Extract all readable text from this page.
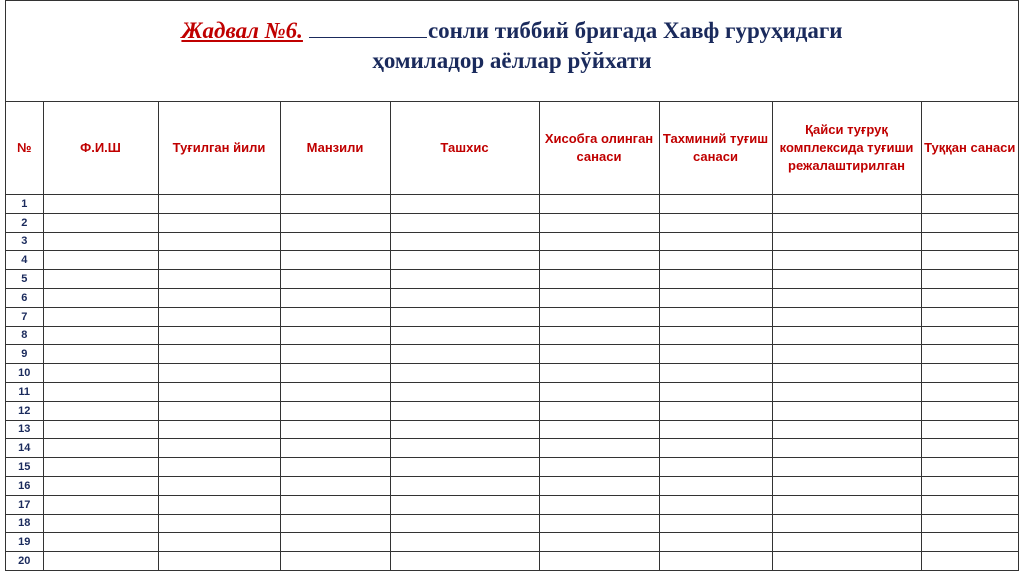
Жадвал №6.	сонли тиббий бригада Хавф гуруҳидаги
ҳомиладор аёллар рўйхати
№	Ф.И.Ш	Туғилган йили	Манзили	Ташхис	Хисобга олинган санаси	Тахминий туғиш санаси	Қайси туғруқ комплексида туғиши режалаштирилган	Туққан санаси
1								
2								
3								
4								
5								
6								
7								
8								
9								
10								
11								
12								
13								
14								
15								
16								
17								
18								
19								
20								
